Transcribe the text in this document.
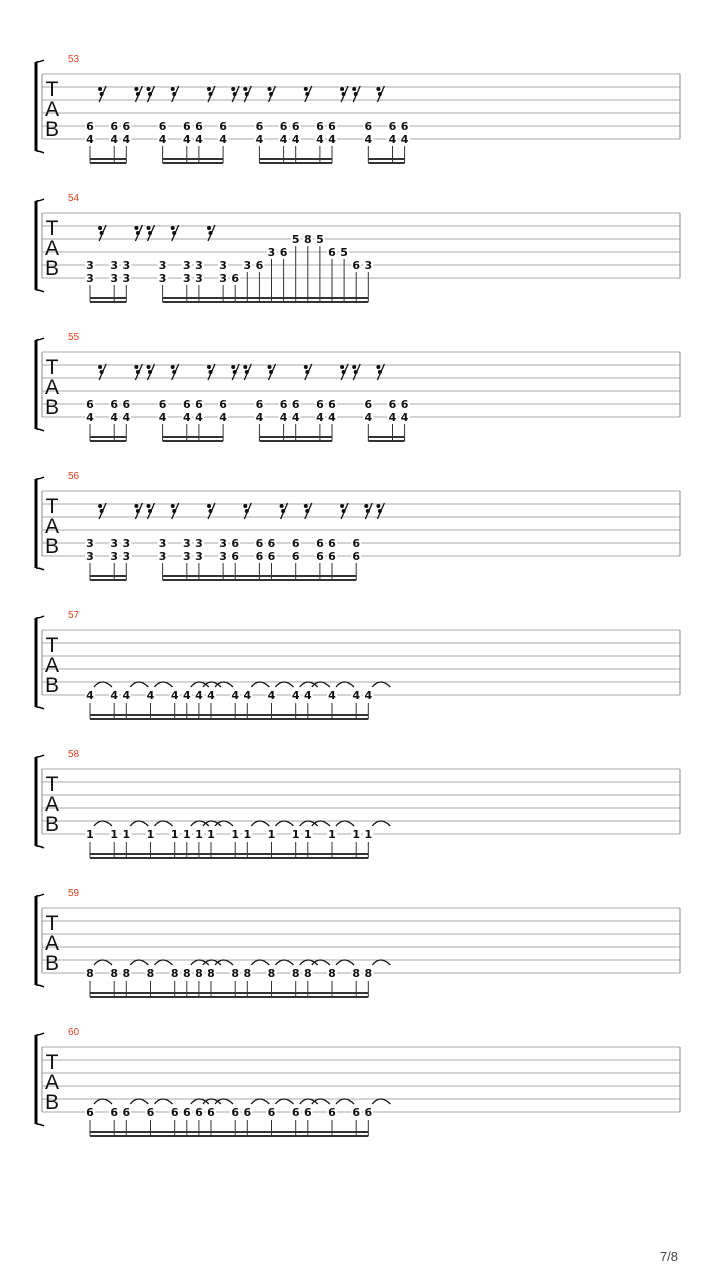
T
A
B
53
6
4
6
4
6
4
6
4
6
4
6
4
6
4
6
4
6
4
6
4
6
4
6
4
6
4
6
4
6
4
T
A
B
54
3
3
3
3
3
3
3
3
3
3
3
3
3
3 6
3 6
3 6
5 8 5
6 5
6 3
T
A
B
55
6
4
6
4
6
4
6
4
6
4
6
4
6
4
6
4
6
4
6
4
6
4
6
4
6
4
6
4
6
4
T
A
B
56
3
3
3
3
3
3
3
3
3
3
3
3
3
3
6
6
6
6
6
6
6
6
6
6
6
6
6
6
T
A
B
57
4 4 4 4 4 4 4 4 4 4 4 4 4 4 4 4
T
A
B
58
1 1 1 1 1 1 1 1 1 1 1 1 1 1 1 1
T
A
B
59
8 8 8 8 8 8 8 8 8 8 8 8 8 8 8 8
T
A
B
60
6 6 6 6 6 6 6 6 6 6 6 6 6 6 6 6
7/8
